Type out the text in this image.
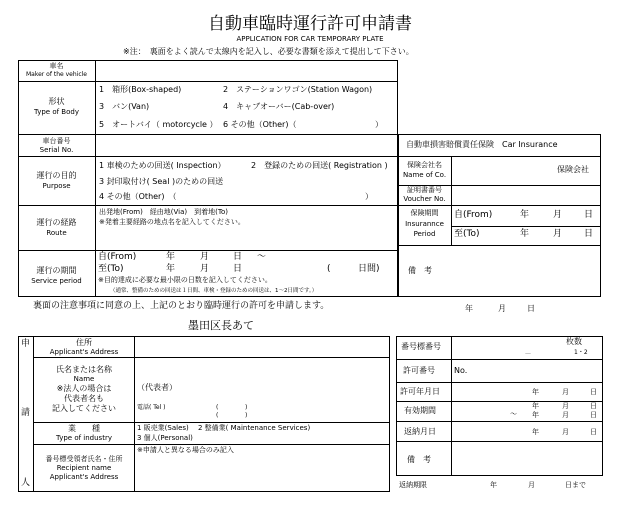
自動車臨時運行許可申請書
APPLICATION FOR CAR TEMPORARY PLATE
※注：　裏面をよく読んで太線内を記入し、必要な書類を添えて提出して下さい。
車名
Maker of the vehicle
形状
Type of Body
1　箱形(Box-shaped)	2　ステーションワゴン(Station Wagon)
3　バン(Van)	4　キャブオーバー(Cab-over)
5　オートバイ（ motorcycle ） 6 その他（Other)（	）
車台番号
Serial No.
運行の目的
Purpose
1 車検のための回送( Inspection）	2　登録のための回送( Registration )
3 封印取付け( Seal )のための回送
4 その他（Other)　（	）
運行の経路
Route
出発地(From)　経由地(Via)　到着地(To)
※発着主要経路の地点名を記入してください。
運行の期間
Service period
自(From)	年	月	日 〜
至(To)	年	月	日	(	日間)
※目的達成に必要な最小限の日数を記入してください。
（通常、整備のための回送は１日間、車検・登録のための回送は、1〜2日間です。）
自動車損害賠償責任保険　Car Insurance
保険会社名
Name of Co.
保険会社
証明書番号
Voucher No.
保険期間
Insurannce
Period
自(From)	年	月 日
至(To)	年	月 日
備　考
裏面の注意事項に同意の上、上記のとおり臨時運行の許可を申請します。	年	月	日
墨田区長あて
申
請
人
住所
Applicant's Address
氏名または名称
Name
※法人の場合は
代表者名も
記入してください
（代表者）
電話( Tel )	(	)
(	)
業　　種
Type of industry
1 販売業(Sales)　 2 整備業( Maintenance Services)
3 個人(Personal)
番号標受領者氏名・住所
Recipient name
Applicant's Address
※申請人と異なる場合のみ記入
番号標番号
枚数
—	1・2
許可番号 No.
許可年月日	年	月	日
有効期間	年	月	日
〜 年	月	日
返納月日	年	月	日
備　考
返納期限	年	月	日まで
